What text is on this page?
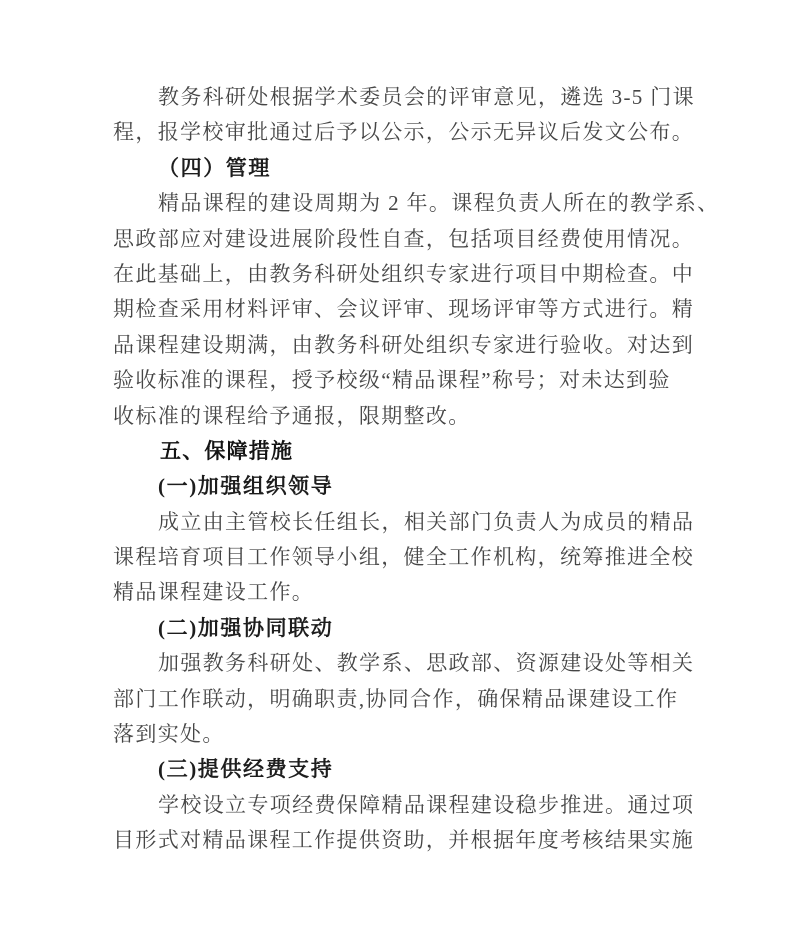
教务科研处根据学术委员会的评审意见，遴选 3-5 门课
程，报学校审批通过后予以公示，公示无异议后发文公布。
（四）管理
精品课程的建设周期为 2 年。课程负责人所在的教学系、
思政部应对建设进展阶段性自查，包括项目经费使用情况。
在此基础上，由教务科研处组织专家进行项目中期检查。中
期检查采用材料评审、会议评审、现场评审等方式进行。精
品课程建设期满，由教务科研处组织专家进行验收。对达到
验收标准的课程，授予校级“精品课程”称号；对未达到验
收标准的课程给予通报，限期整改。
五、保障措施
(一)加强组织领导
成立由主管校长任组长，相关部门负责人为成员的精品
课程培育项目工作领导小组，健全工作机构，统筹推进全校
精品课程建设工作。
(二)加强协同联动
加强教务科研处、教学系、思政部、资源建设处等相关
部门工作联动，明确职责,协同合作，确保精品课建设工作
落到实处。
(三)提供经费支持
学校设立专项经费保障精品课程建设稳步推进。通过项
目形式对精品课程工作提供资助，并根据年度考核结果实施
